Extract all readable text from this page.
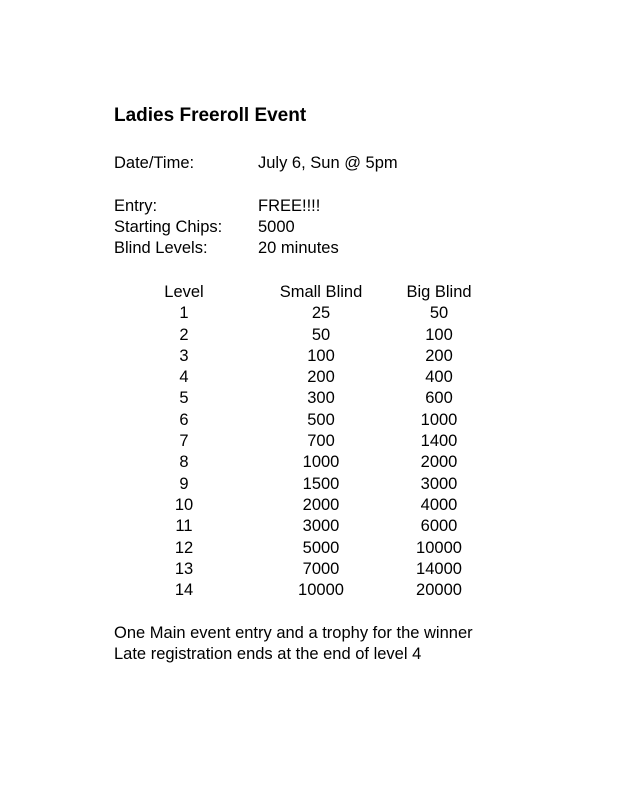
Ladies Freeroll Event
Date/Time:	July 6, Sun @ 5pm
Entry:	FREE!!!!
Starting Chips: 5000
Blind Levels:	20 minutes
Level	Small Blind	Big Blind
1	25	50
2	50	100
3	100	200
4	200	400
5	300	600
6	500	1000
7	700	1400
8	1000	2000
9	1500	3000
10	2000	4000
11	3000	6000
12	5000	10000
13	7000	14000
14	10000	20000
One Main event entry and a trophy for the winner
Late registration ends at the end of level 4
